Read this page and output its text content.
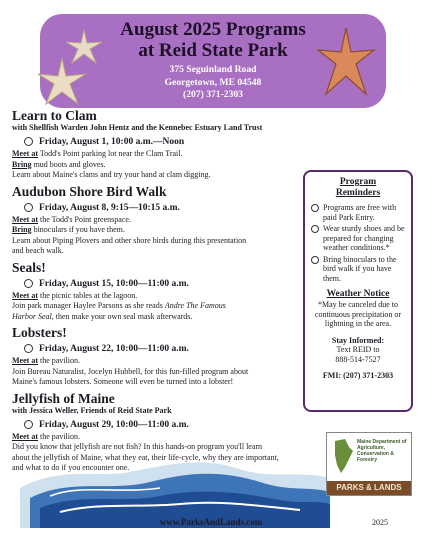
August 2025 Programs
at Reid State Park
375 Seguinland Road
Georgetown, ME 04548
(207) 371-2303
Learn to Clam
with Shellfish Warden John Hentz and the Kennebec Estuary Land Trust
Friday, August 1, 10:00 a.m.—Noon
Meet at Todd's Point parking lot near the Clam Trail.
Bring mud boots and gloves.
Learn about Maine's clams and try your hand at clam digging.
Audubon Shore Bird Walk
Friday, August 8, 9:15—10:15 a.m.
Meet at the Todd's Point greenspace.
Bring binoculars if you have them.
Learn about Piping Plovers and other shore birds during this presentation
and beach walk.
Seals!
Friday, August 15, 10:00—11:00 a.m.
Meet at the picnic tables at the lagoon.
Join park manager Haylee Parsons as she reads Andre The Famous
Harbor Seal, then make your own seal mask afterwards.
Lobsters!
Friday, August 22, 10:00—11:00 a.m.
Meet at the pavilion.
Join Bureau Naturalist, Jocelyn Hubbell, for this fun-filled program about
Maine's famous lobsters. Someone will even be turned into a lobster!
Jellyfish of Maine
with Jessica Weller, Friends of Reid State Park
Friday, August 29, 10:00—11:00 a.m.
Meet at the pavilion.
Did you know that jellyfish are not fish? In this hands-on program you'll learn
about the jellyfish of Maine, what they eat, their life-cycle, why they are important,
and what to do if you encounter one.
Program
Reminders
Programs are free with paid Park Entry.
Wear sturdy shoes and be prepared for changing weather conditions.*
Bring binoculars to the bird walk if you have them.
Weather Notice
*May be canceled due to continuous precipitation or lightning in the area.
Stay Informed:
Text REID to
888-514-7527
FMI: (207) 371-2303
Maine Department of Agriculture, Conservation & Forestry
PARKS & LANDS
www.ParksAndLands.com	2025
